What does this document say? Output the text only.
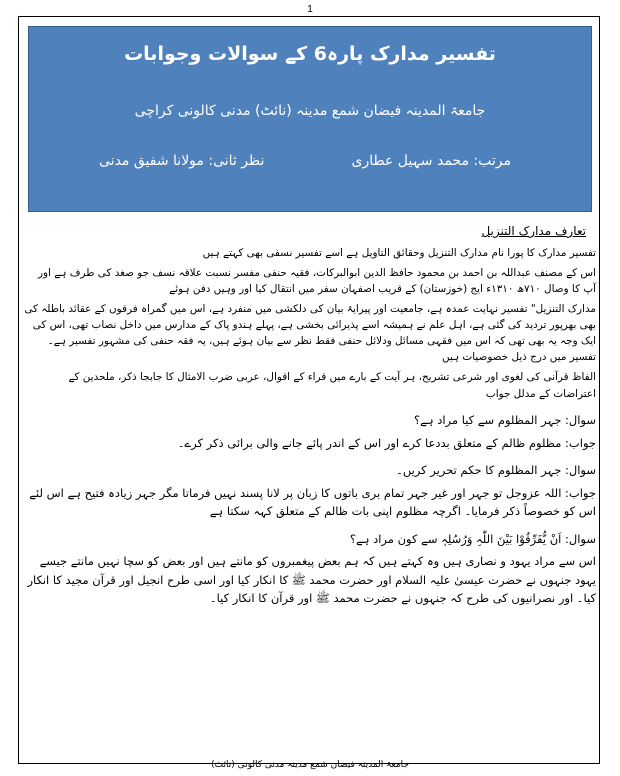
1
تفسیر مدارک پارہ6 کے سوالات وجوابات
جامعۃ المدینہ فیضان شمع مدینہ (نائٹ) مدنی کالونی کراچی
مرتب: محمد سہیل عطاری
نظر ثانی: مولانا شفیق مدنی
تعارف مدارک التنزیل

تفسیر مدارک کا پورا نام مدارک التنزیل وحقائق التاویل ہے اسے تفسیر نسفی بھی کہتے ہیں

اس کے مصنف عبداللہ بن احمد بن محمود حافظ الدین ابوالبرکات، فقیہ حنفی مفسر نسبت علاقہ نسف جو صغد کی طرف ہے اور آپ کا وصال ۷۱۰ھ ۱۳۱۰ء ایج (خوزستان) کے قریب اصفہان سفر میں انتقال کیا اور وہیں دفن ہوئے

مدارک التنزیل" تفسیر نہایت عمدہ ہے، جامعیت اور پیرایۂ بیان کی دلکشی میں منفرد ہے، اس میں گمراہ فرقوں کے عقائد باطلہ کی بھی بھرپور تردید کی گئی ہے، اہل علم نے ہمیشہ اسے پذیرائی بخشی ہے، پہلے ہندو پاک کے مدارس میں داخل نصاب تھی، اس کی ایک وجہ یہ بھی تھی کہ اس میں فقہی مسائل ودلائل حنفی فقط نظر سے بیان ہوئے ہیں، یہ فقہ حنفی کی مشہور تفسیر ہے۔ تفسیر میں درج ذیل خصوصیات ہیں

الفاظ قرآنی کی لغوی اور شرعی تشریح، ہر آیت کے بارے میں قراء کے اقوال، عربی ضرب الامثال کا جابجا ذکر، ملحدین کے اعتراضات کے مدلل جواب

سوال: جہر المظلوم سے کیا مراد ہے؟

جواب: مظلوم ظالم کے متعلق بددعا کرے اور اس کے اندر پائے جانے والی برائی ذکر کرے۔

سوال: جہر المظلوم کا حکم تحریر کریں۔

جواب: اللہ عزوجل تو جہر اور غیر جہر تمام بری باتوں کا زبان پر لانا پسند نہیں فرماتا مگر جہر زیادہ فتیح ہے اس لئے اس کو خصوصاً ذکر فرمایا۔ اگرچہ مظلوم اپنی بات ظالم کے متعلق کہہ سکتا ہے

سوال: اَنْ یُّفَرِّقُوْا بَیْنَ اللّٰہِ وَرُسُلِہٖ سے کون مراد ہے؟

اس سے مراد یہود و نصاری ہیں وہ کہتے ہیں کہ ہم بعض پیغمبروں کو مانتے ہیں اور بعض کو سچا نہیں مانتے جیسے یہود جنہوں نے حضرت عیسیٰ علیہ السلام اور حضرت محمد ﷺ کا انکار کیا اور اسی طرح انجیل اور قرآن مجید کا انکار کیا۔ اور نصرانیوں کی طرح کہ جنہوں نے حضرت محمد ﷺ اور قرآن کا انکار کیا۔

جامعۃ المدینہ فیضان شمع مدینہ مدنی کالونی (نائٹ)
